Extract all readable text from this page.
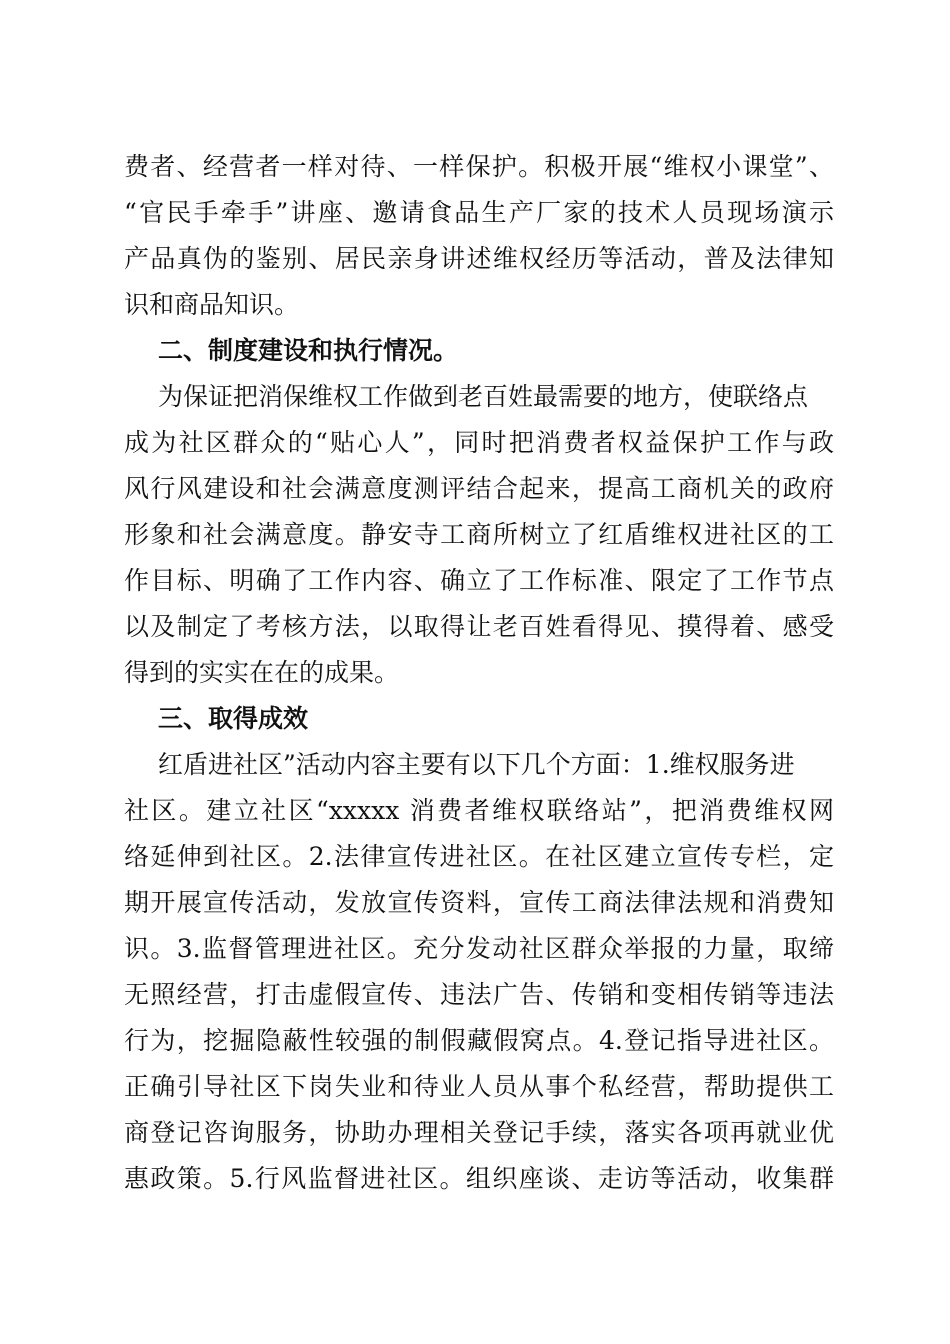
费者、经营者一样对待、一样保护。积极开展“维权小课堂”、
“官民手牵手”讲座、邀请食品生产厂家的技术人员现场演示
产品真伪的鉴别、居民亲身讲述维权经历等活动，普及法律知
识和商品知识。
二、制度建设和执行情况。
为保证把消保维权工作做到老百姓最需要的地方，使联络点
成为社区群众的“贴心人”，同时把消费者权益保护工作与政
风行风建设和社会满意度测评结合起来，提高工商机关的政府
形象和社会满意度。静安寺工商所树立了红盾维权进社区的工
作目标、明确了工作内容、确立了工作标准、限定了工作节点
以及制定了考核方法，以取得让老百姓看得见、摸得着、感受
得到的实实在在的成果。
三、取得成效
红盾进社区”活动内容主要有以下几个方面：1.维权服务进
社区。建立社区“xxxxx 消费者维权联络站”，把消费维权网
络延伸到社区。2.法律宣传进社区。在社区建立宣传专栏，定
期开展宣传活动，发放宣传资料，宣传工商法律法规和消费知
识。3.监督管理进社区。充分发动社区群众举报的力量，取缔
无照经营，打击虚假宣传、违法广告、传销和变相传销等违法
行为，挖掘隐蔽性较强的制假藏假窝点。4.登记指导进社区。
正确引导社区下岗失业和待业人员从事个私经营，帮助提供工
商登记咨询服务，协助办理相关登记手续，落实各项再就业优
惠政策。5.行风监督进社区。组织座谈、走访等活动，收集群
